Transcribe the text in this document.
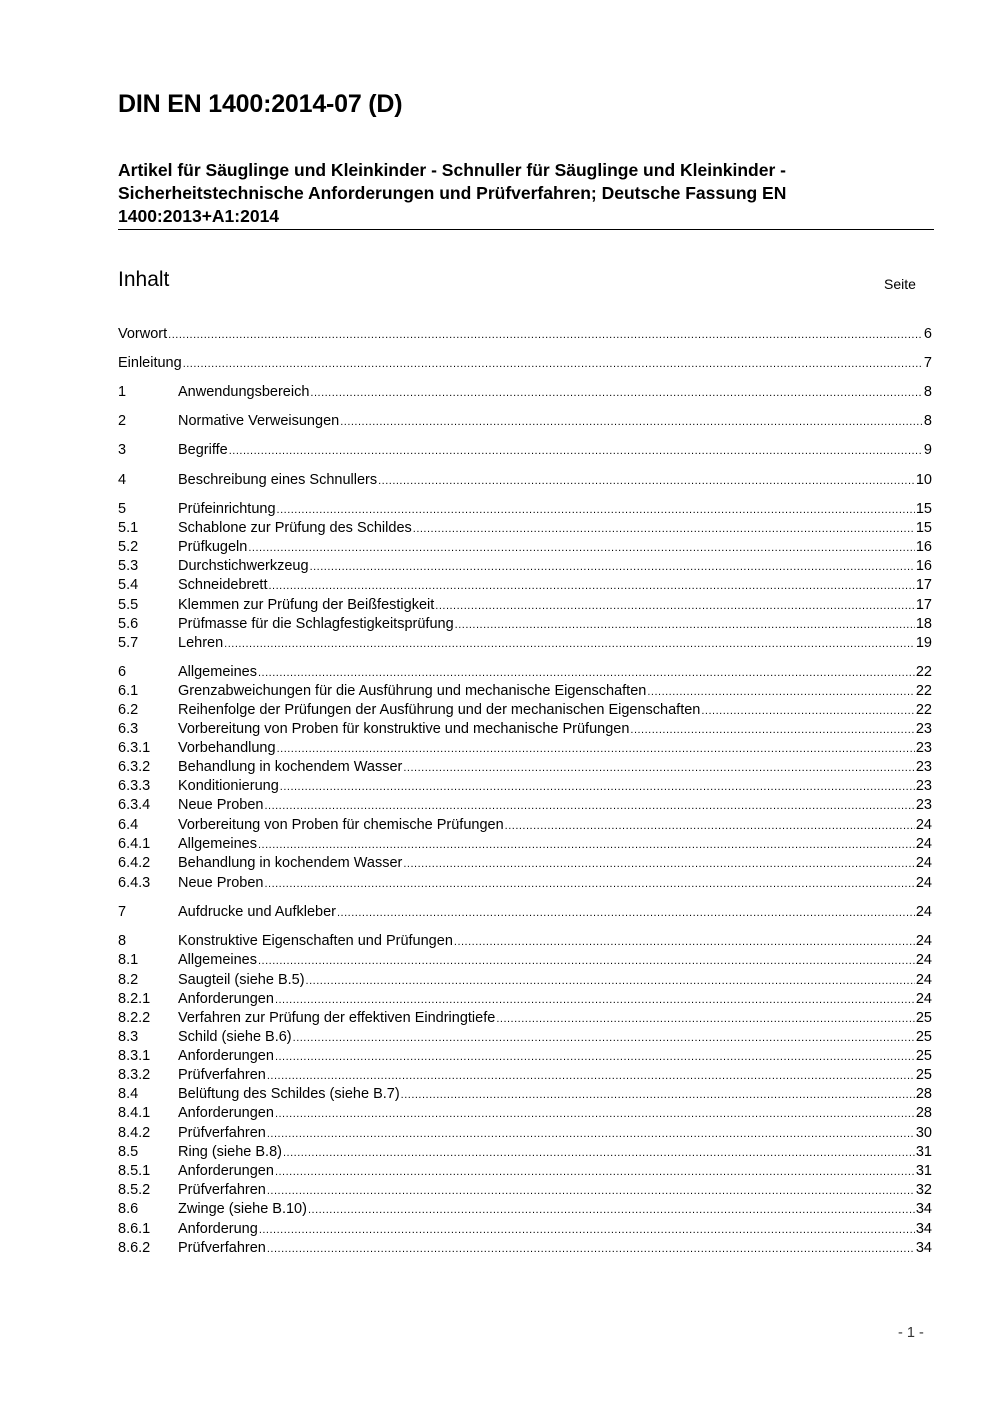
DIN EN 1400:2014-07 (D)
Artikel für Säuglinge und Kleinkinder - Schnuller für Säuglinge und Kleinkinder - Sicherheitstechnische Anforderungen und Prüfverfahren; Deutsche Fassung EN 1400:2013+A1:2014
Inhalt	Seite
Vorwort .....	6
Einleitung .....	7
1	Anwendungsbereich .....	8
2	Normative Verweisungen .....	8
3	Begriffe .....	9
4	Beschreibung eines Schnullers .....	10
5	Prüfeinrichtung .....	15
5.1	Schablone zur Prüfung des Schildes .....	15
5.2	Prüfkugeln .....	16
5.3	Durchstichwerkzeug .....	16
5.4	Schneidebrett .....	17
5.5	Klemmen zur Prüfung der Beißfestigkeit .....	17
5.6	Prüfmasse für die Schlagfestigkeitsprüfung .....	18
5.7	Lehren .....	19
6	Allgemeines .....	22
6.1	Grenzabweichungen für die Ausführung und mechanische Eigenschaften .....	22
6.2	Reihenfolge der Prüfungen der Ausführung und der mechanischen Eigenschaften .....	22
6.3	Vorbereitung von Proben für konstruktive und mechanische Prüfungen .....	23
6.3.1	Vorbehandlung .....	23
6.3.2	Behandlung in kochendem Wasser .....	23
6.3.3	Konditionierung .....	23
6.3.4	Neue Proben .....	23
6.4	Vorbereitung von Proben für chemische Prüfungen .....	24
6.4.1	Allgemeines .....	24
6.4.2	Behandlung in kochendem Wasser .....	24
6.4.3	Neue Proben .....	24
7	Aufdrucke und Aufkleber .....	24
8	Konstruktive Eigenschaften und Prüfungen .....	24
8.1	Allgemeines .....	24
8.2	Saugteil (siehe B.5) .....	24
8.2.1	Anforderungen .....	24
8.2.2	Verfahren zur Prüfung der effektiven Eindringtiefe .....	25
8.3	Schild (siehe B.6) .....	25
8.3.1	Anforderungen .....	25
8.3.2	Prüfverfahren .....	25
8.4	Belüftung des Schildes (siehe B.7) .....	28
8.4.1	Anforderungen .....	28
8.4.2	Prüfverfahren .....	30
8.5	Ring (siehe B.8) .....	31
8.5.1	Anforderungen .....	31
8.5.2	Prüfverfahren .....	32
8.6	Zwinge (siehe B.10) .....	34
8.6.1	Anforderung .....	34
8.6.2	Prüfverfahren .....	34
- 1 -
